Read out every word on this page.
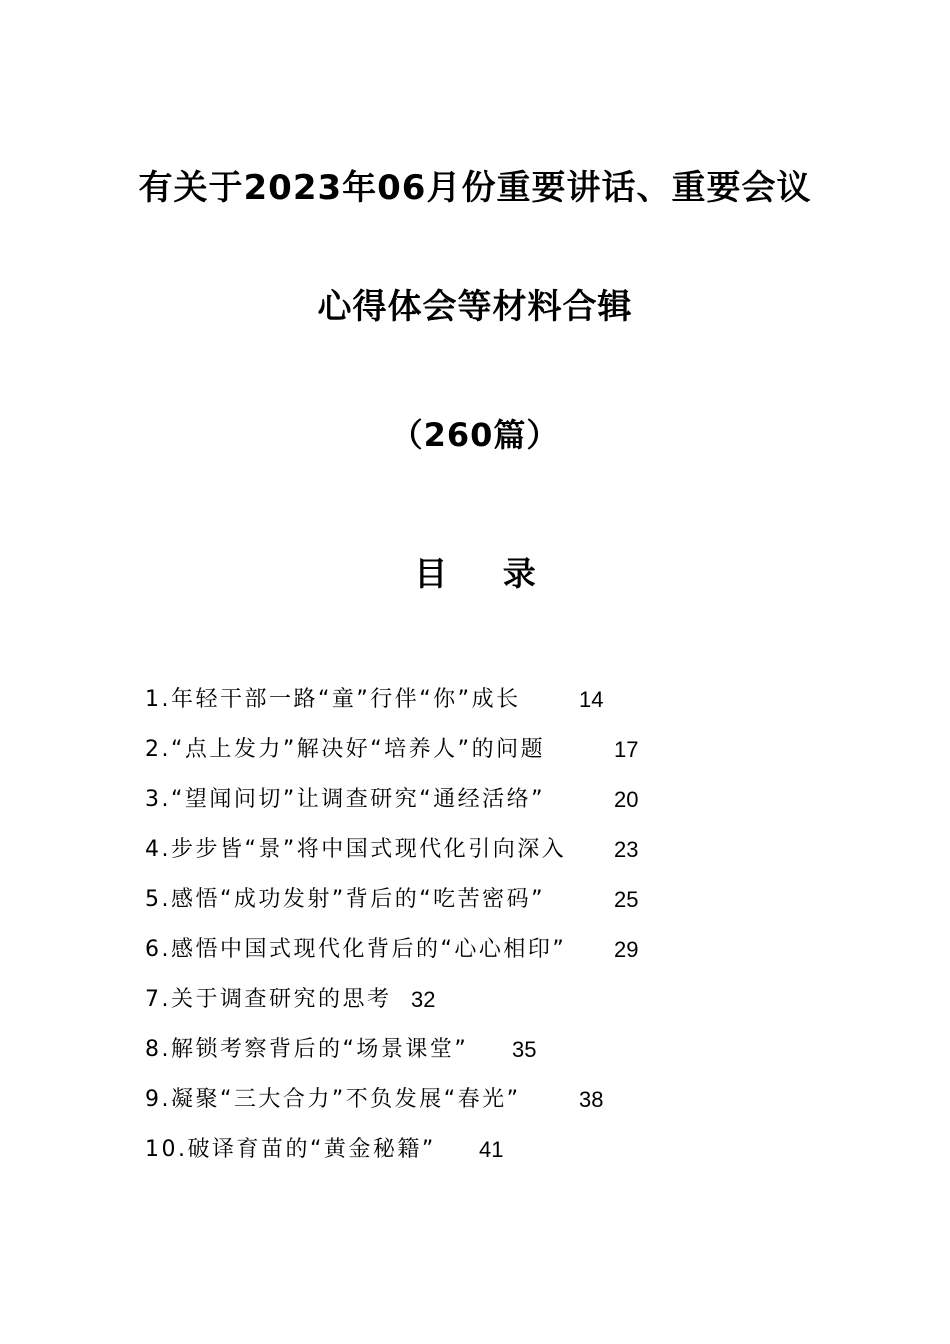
有关于2023年06月份重要讲话、重要会议
心得体会等材料合辑
（260篇）
目 录
1.年轻干部一路“童”行伴“你”成长	14
2.“点上发力”解决好“培养人”的问题	17
3.“望闻问切”让调查研究“通经活络”	20
4.步步皆“景”将中国式现代化引向深入 23
5.感悟“成功发射”背后的“吃苦密码”	25
6.感悟中国式现代化背后的“心心相印” 29
7.关于调查研究的思考 32
8.解锁考察背后的“场景课堂” 35
9.凝聚“三大合力”不负发展“春光”	38
10.破译育苗的“黄金秘籍” 41
